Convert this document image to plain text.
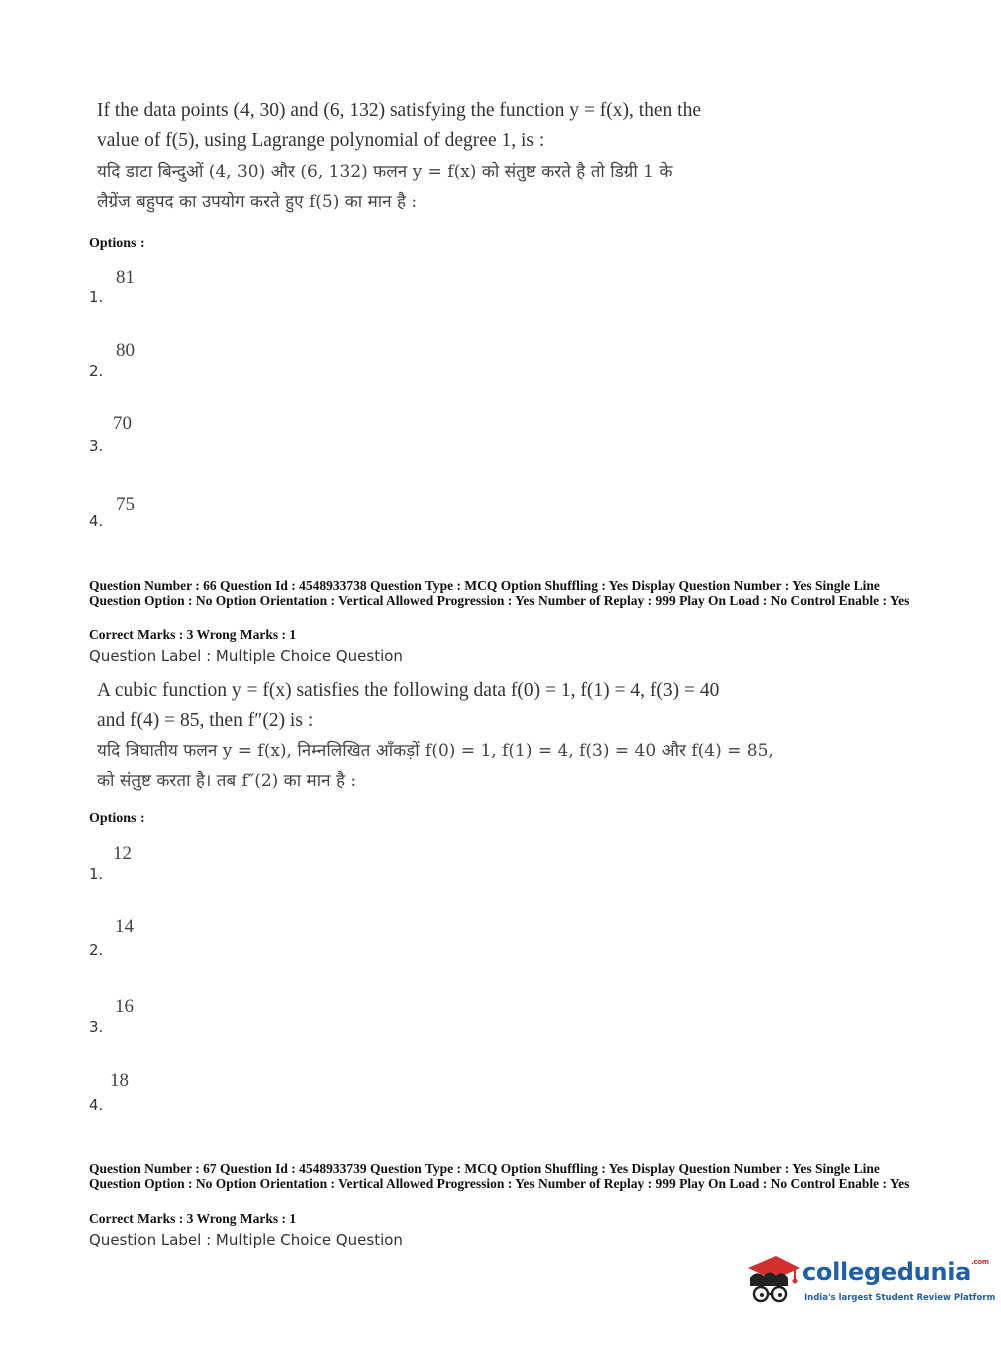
If the data points (4, 30) and (6, 132) satisfying the function y = f(x), then the
value of f(5), using Lagrange polynomial of degree 1, is :
यदि डाटा बिन्दुओं (4, 30) और (6, 132) फलन y = f(x) को संतुष्ट करते है तो डिग्री 1 के
लैग्रेंज बहुपद का उपयोग करते हुए f(5) का मान है :
Options :
81
1.
80
2.
70
3.
75
4.
Question Number : 66 Question Id : 4548933738 Question Type : MCQ Option Shuffling : Yes Display Question Number : Yes Single Line Question Option : No Option Orientation : Vertical Allowed Progression : Yes Number of Replay : 999 Play On Load : No Control Enable : Yes
Correct Marks : 3 Wrong Marks : 1
Question Label : Multiple Choice Question
A cubic function y = f(x) satisfies the following data f(0) = 1, f(1) = 4, f(3) = 40
and f(4) = 85, then f″(2) is :
यदि त्रिघातीय फलन y = f(x), निम्नलिखित आँकड़ों f(0) = 1, f(1) = 4, f(3) = 40 और f(4) = 85,
को संतुष्ट करता है। तब f″(2) का मान है :
Options :
12
1.
14
2.
16
3.
18
4.
Question Number : 67 Question Id : 4548933739 Question Type : MCQ Option Shuffling : Yes Display Question Number : Yes Single Line Question Option : No Option Orientation : Vertical Allowed Progression : Yes Number of Replay : 999 Play On Load : No Control Enable : Yes
Correct Marks : 3 Wrong Marks : 1
Question Label : Multiple Choice Question
collegedunia$^{.com}$
India's largest Student Review Platform
